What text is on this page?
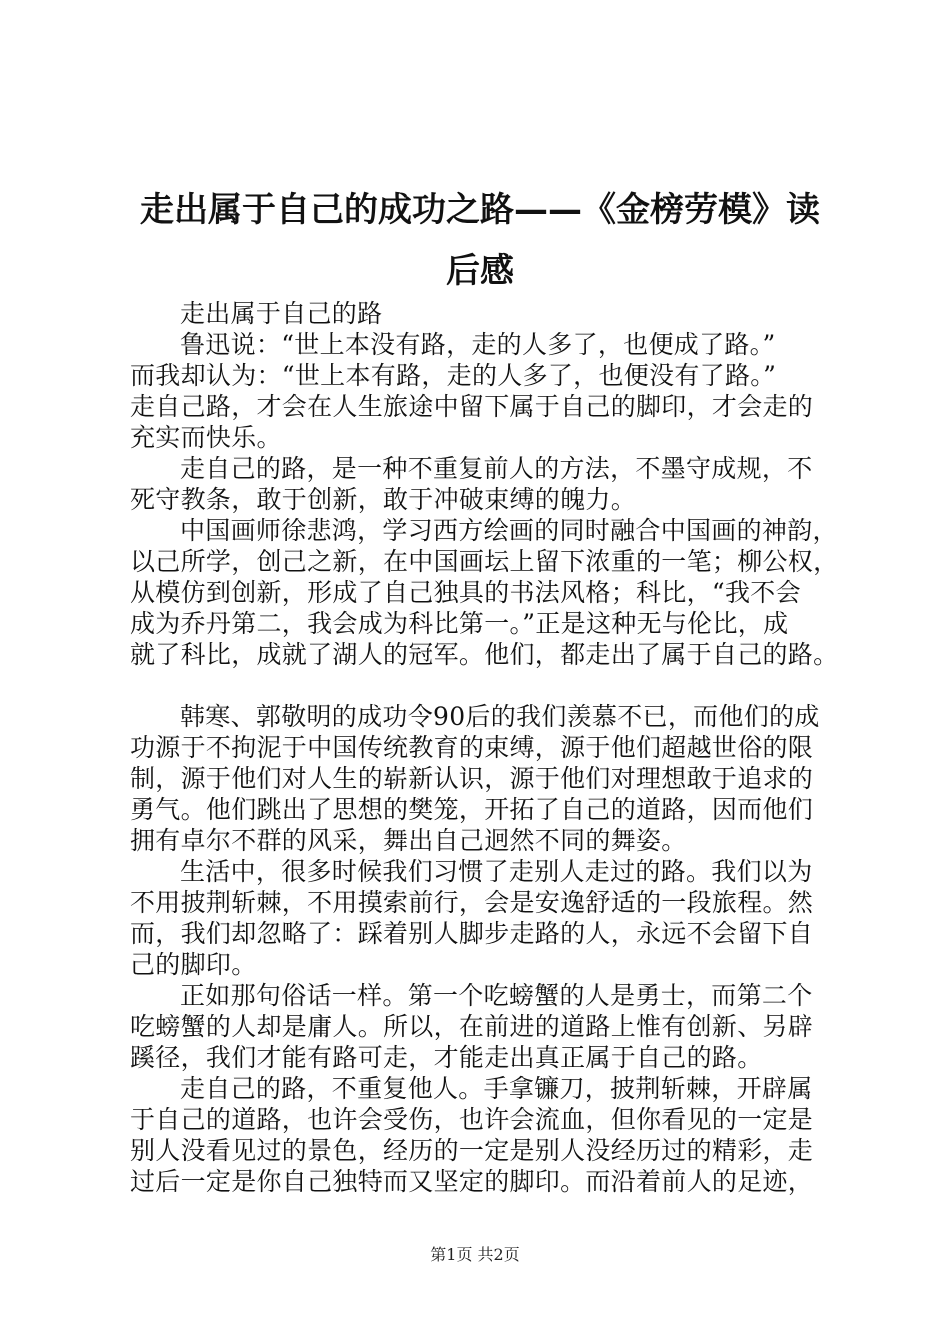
走出属于自己的成功之路——《金榜劳模》读
后感
走出属于自己的路
鲁迅说：“世上本没有路，走的人多了，也便成了路。”
而我却认为：“世上本有路，走的人多了，也便没有了路。”
走自己路，才会在人生旅途中留下属于自己的脚印，才会走的
充实而快乐。
走自己的路，是一种不重复前人的方法，不墨守成规，不
死守教条，敢于创新，敢于冲破束缚的魄力。
中国画师徐悲鸿，学习西方绘画的同时融合中国画的神韵，
以己所学，创己之新，在中国画坛上留下浓重的一笔；柳公权，
从模仿到创新，形成了自己独具的书法风格；科比，“我不会
成为乔丹第二，我会成为科比第一。”正是这种无与伦比，成
就了科比，成就了湖人的冠军。他们，都走出了属于自己的路。
韩寒、郭敬明的成功令90后的我们羡慕不已，而他们的成
功源于不拘泥于中国传统教育的束缚，源于他们超越世俗的限
制，源于他们对人生的崭新认识，源于他们对理想敢于追求的
勇气。他们跳出了思想的樊笼，开拓了自己的道路，因而他们
拥有卓尔不群的风采，舞出自己迥然不同的舞姿。
生活中，很多时候我们习惯了走别人走过的路。我们以为
不用披荆斩棘，不用摸索前行，会是安逸舒适的一段旅程。然
而，我们却忽略了：踩着别人脚步走路的人，永远不会留下自
己的脚印。
正如那句俗话一样。第一个吃螃蟹的人是勇士，而第二个
吃螃蟹的人却是庸人。所以，在前进的道路上惟有创新、另辟
蹊径，我们才能有路可走，才能走出真正属于自己的路。
走自己的路，不重复他人。手拿镰刀，披荆斩棘，开辟属
于自己的道路，也许会受伤，也许会流血，但你看见的一定是
别人没看见过的景色，经历的一定是别人没经历过的精彩，走
过后一定是你自己独特而又坚定的脚印。而沿着前人的足迹，
第1页 共2页
